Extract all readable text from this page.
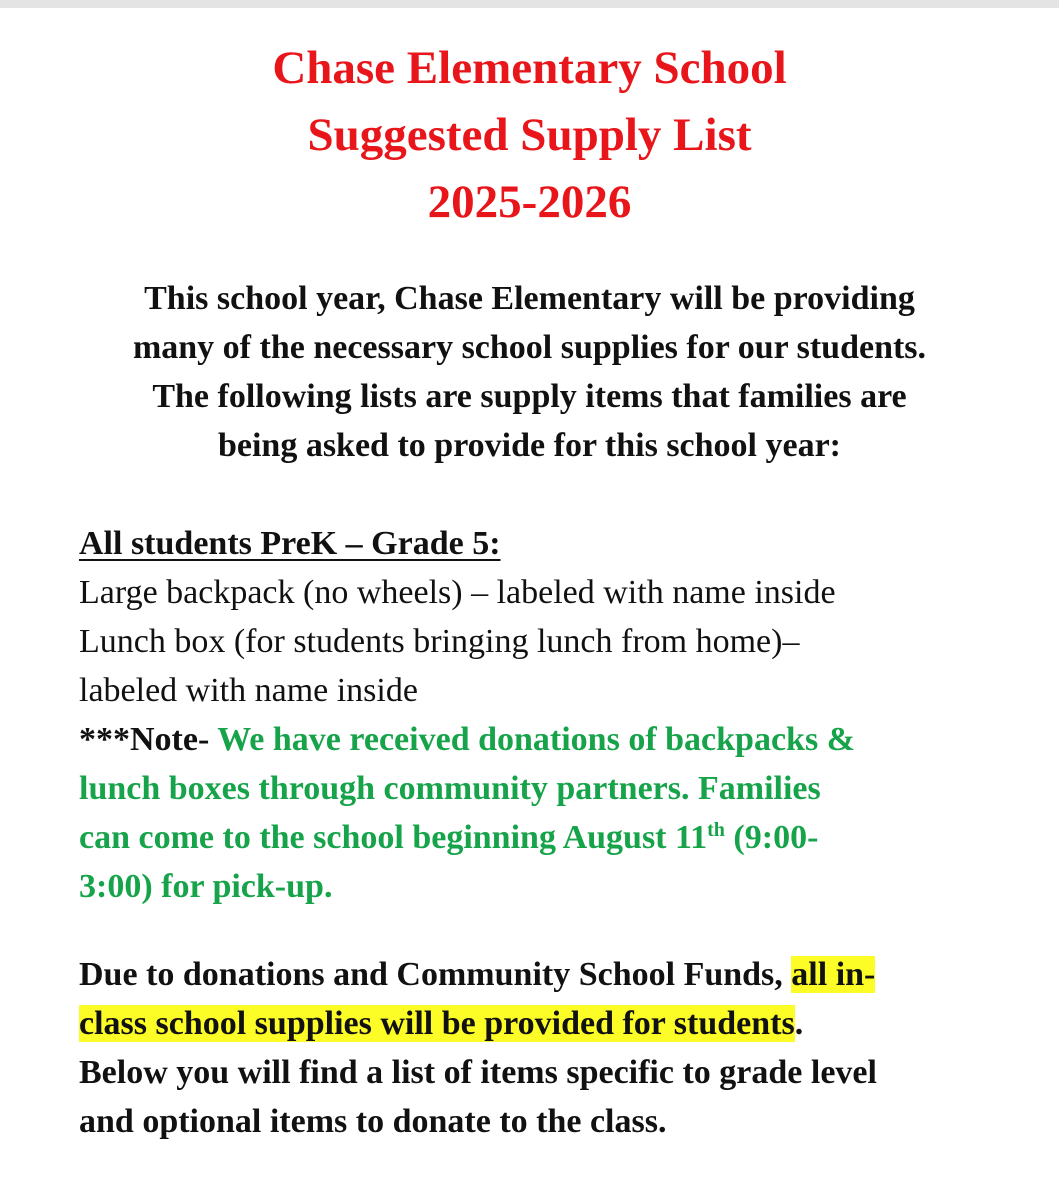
Chase Elementary School
Suggested Supply List
2025-2026

This school year, Chase Elementary will be providing
many of the necessary school supplies for our students.
The following lists are supply items that families are
being asked to provide for this school year:

All students PreK – Grade 5:
Large backpack (no wheels) – labeled with name inside
Lunch box (for students bringing lunch from home)–
labeled with name inside
***Note- We have received donations of backpacks &
lunch boxes through community partners. Families
can come to the school beginning August 11th (9:00-
3:00) for pick-up.
Due to donations and Community School Funds, all in-
class school supplies will be provided for students.
Below you will find a list of items specific to grade level
and optional items to donate to the class.
